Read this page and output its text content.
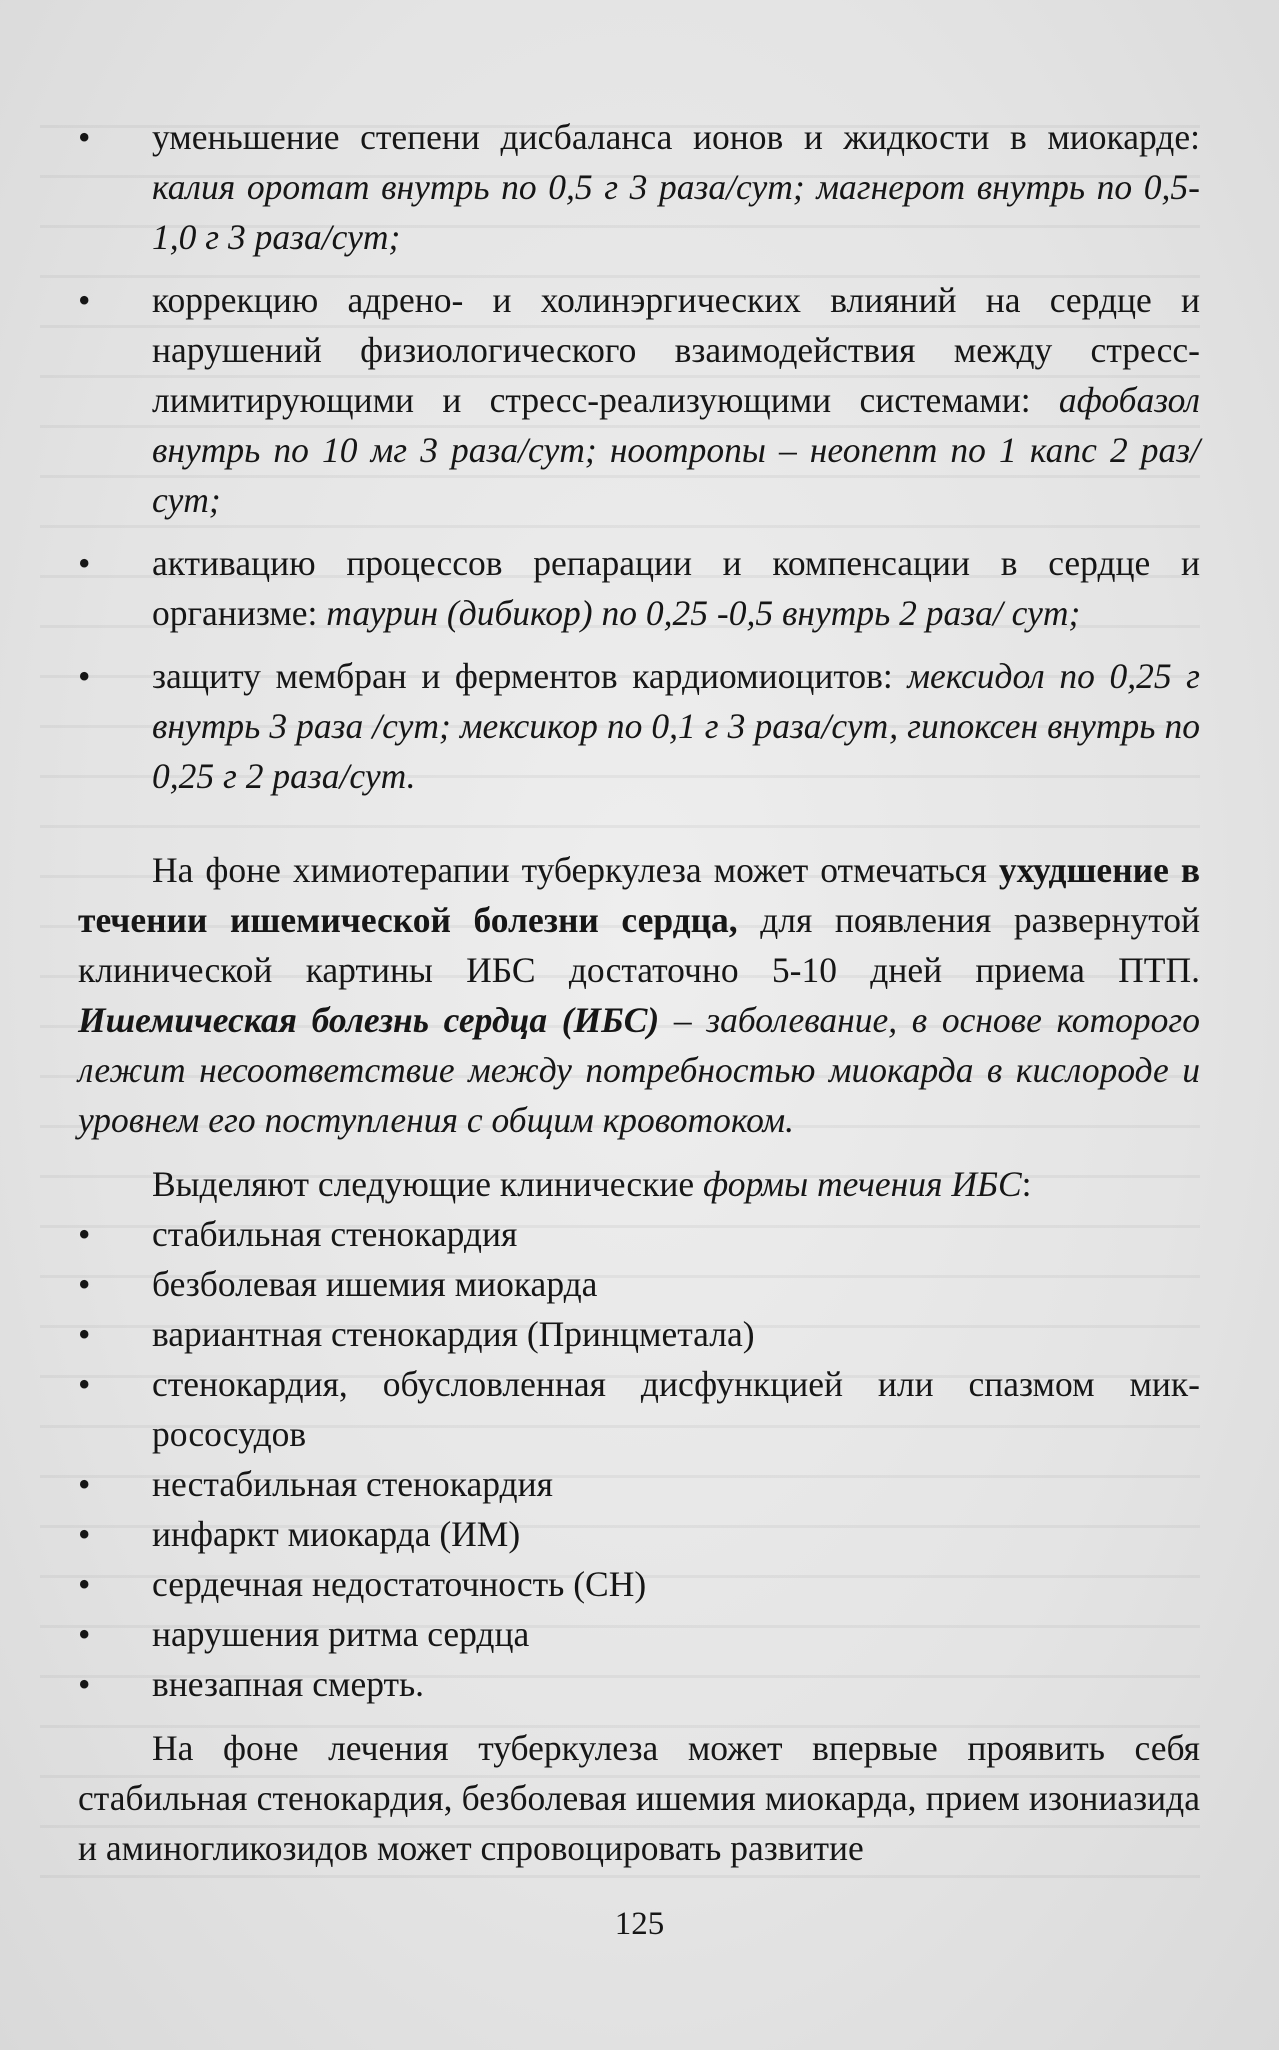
•	уменьшение степени дисбаланса ионов и жидкости в миокарде: калия оротат внутрь по 0,5 г 3 раза/сут; магнерот внутрь по 0,5-1,0 г 3 раза/сут;
•	коррекцию адрено- и холинэргических влияний на сердце и нарушений физиологического взаимодействия между стресс-лимитирующими и стресс-реализующими системами: афобазол внутрь по 10 мг 3 раза/сут; ноотропы – неопепт по 1 капс 2 раз/сут;
•	активацию процессов репарации и компенсации в сердце и организме: таурин (дибикор) по 0,25 -0,5 внутрь 2 раза/ сут;
•	защиту мембран и ферментов кардиомиоцитов: мексидол по 0,25 г внутрь 3 раза /сут; мексикор по 0,1 г 3 раза/сут, гипоксен внутрь по 0,25 г 2 раза/сут.

На фоне химиотерапии туберкулеза может отмечаться ухудшение в течении ишемической болезни сердца, для появления развернутой клинической картины ИБС достаточно 5-10 дней приема ПТП. Ишемическая болезнь сердца (ИБС) – заболевание, в основе которого лежит несоответствие между потребностью миокарда в кислороде и уровнем его поступления с общим кровотоком.

Выделяют следующие клинические формы течения ИБС:

•	стабильная стенокардия
•	безболевая ишемия миокарда
•	вариантная стенокардия (Принцметала)
•	стенокардия, обусловленная дисфункцией или спазмом микрососудов
•	нестабильная стенокардия
•	инфаркт миокарда (ИМ)
•	сердечная недостаточность (СН)
•	нарушения ритма сердца
•	внезапная смерть.

На фоне лечения туберкулеза может впервые проявить себя стабильная стенокардия, безболевая ишемия миокарда, прием изониазида и аминогликозидов может спровоцировать развитие

125
